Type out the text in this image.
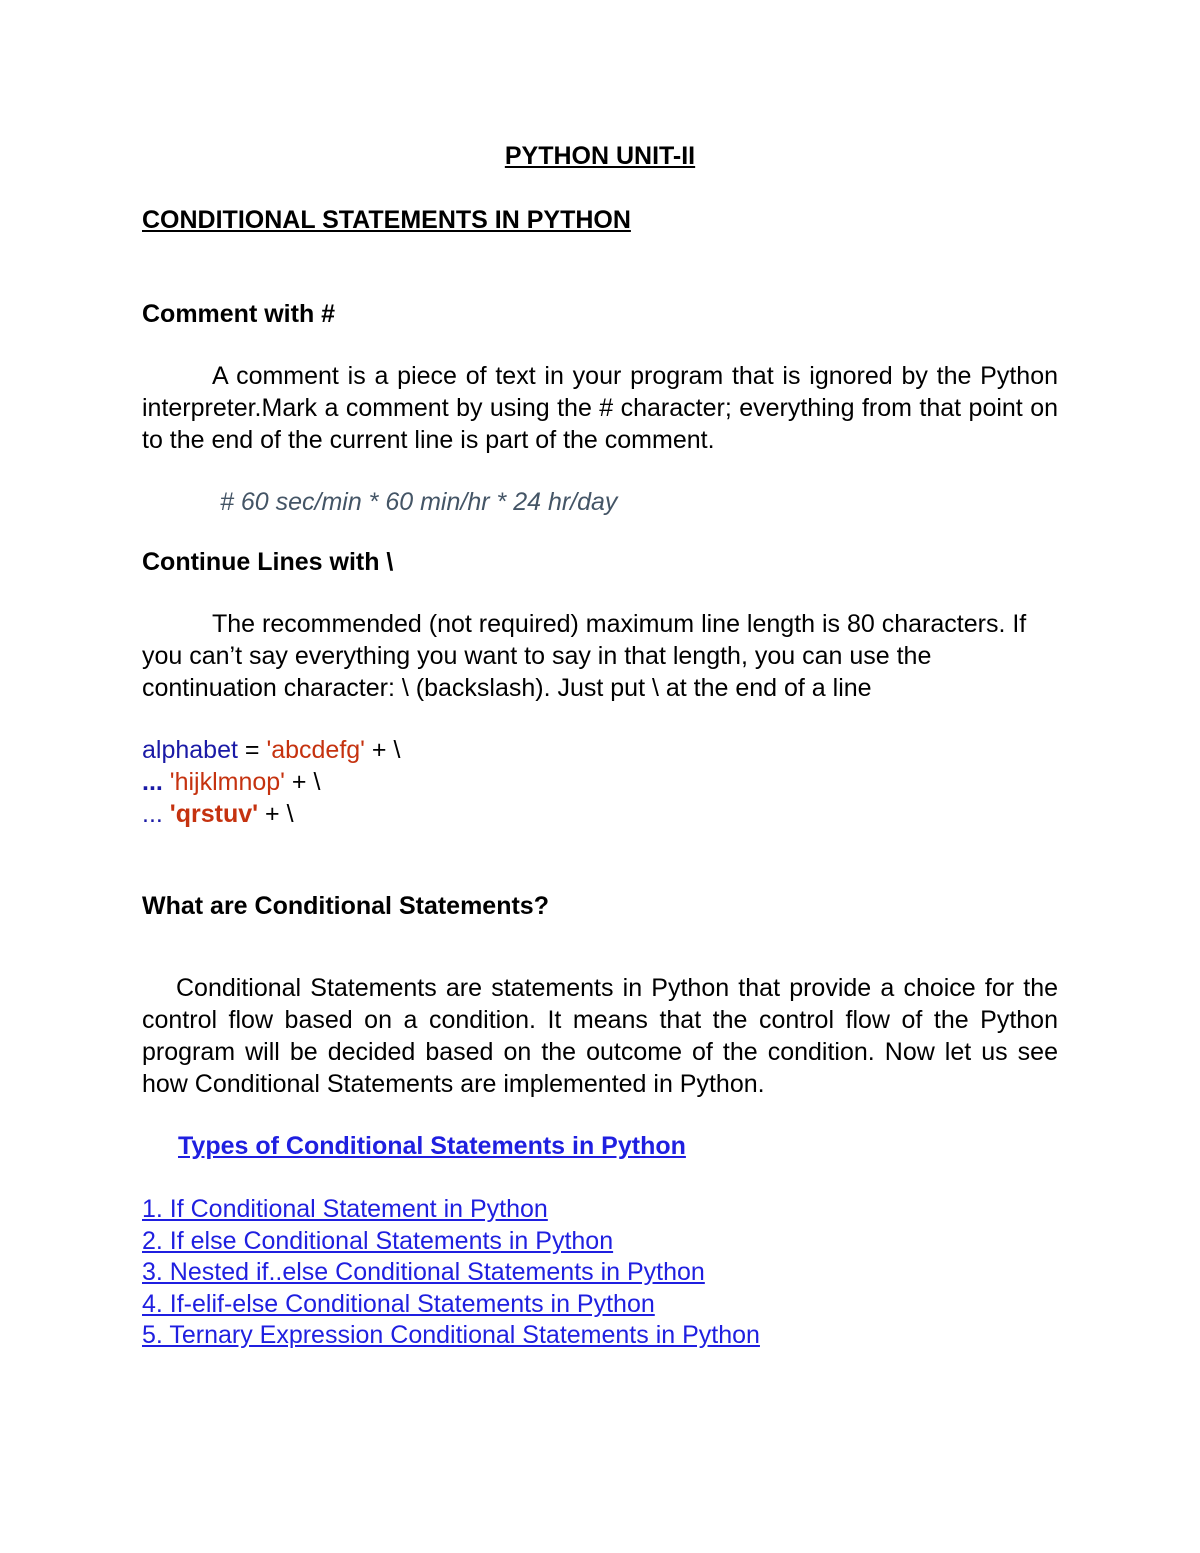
PYTHON UNIT-II
CONDITIONAL STATEMENTS IN PYTHON
Comment with #
A comment is a piece of text in your program that is ignored by the Python interpreter.Mark a comment by using the # character; everything from that point on to the end of the current line is part of the comment.
# 60 sec/min * 60 min/hr * 24 hr/day
Continue Lines with \
The recommended (not required) maximum line length is 80 characters. If you can’t say everything you want to say in that length, you can use the continuation character: \ (backslash). Just put \ at the end of a line
alphabet = 'abcdefg' + \
... 'hijklmnop' + \
... 'qrstuv' + \
What are Conditional Statements?
Conditional Statements are statements in Python that provide a choice for the control flow based on a condition. It means that the control flow of the Python program will be decided based on the outcome of the condition. Now let us see how Conditional Statements are implemented in Python.
Types of Conditional Statements in Python
1. If Conditional Statement in Python
2. If else Conditional Statements in Python
3. Nested if..else Conditional Statements in Python
4. If-elif-else Conditional Statements in Python
5. Ternary Expression Conditional Statements in Python
